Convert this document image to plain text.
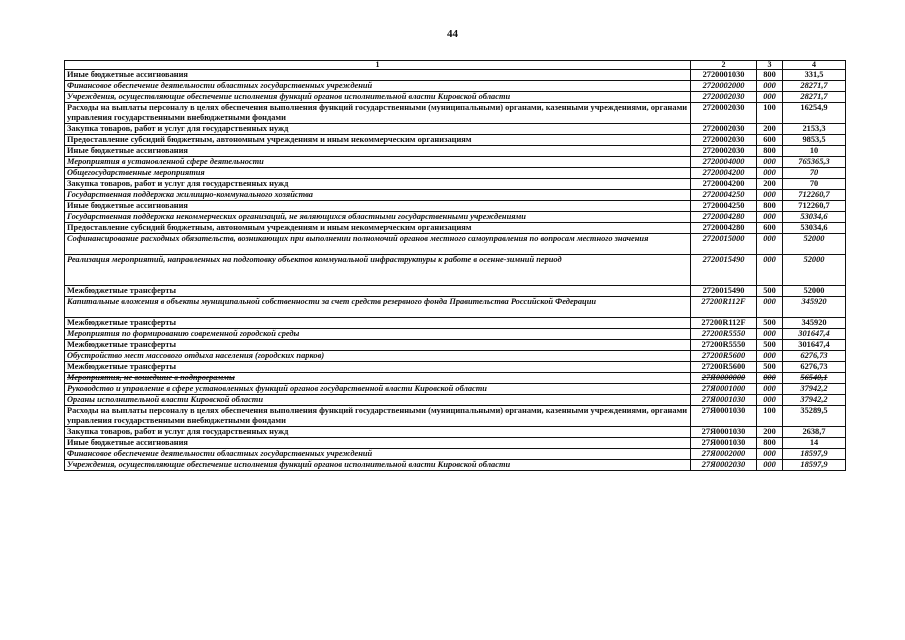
44
1	2	3	4
Иные бюджетные ассигнования	2720001030	800	331,5
Финансовое обеспечение деятельности областных государственных учреждений	2720002000	000	28271,7
Учреждения, осуществляющие обеспечение исполнения функций органов исполнительной власти Кировской области	2720002030	000	28271,7
Расходы на выплаты персоналу в целях обеспечения выполнения функций государственными (муниципальными) органами, казенными учреждениями, органами управления государственными внебюджетными фондами	2720002030	100	16254,9
Закупка товаров, работ и услуг для государственных нужд	2720002030	200	2153,3
Предоставление субсидий бюджетным, автономным учреждениям и иным некоммерческим организациям	2720002030	600	9853,5
Иные бюджетные ассигнования	2720002030	800	10
Мероприятия в установленной сфере деятельности	2720004000	000	765365,3
Общегосударственные мероприятия	2720004200	000	70
Закупка товаров, работ и услуг для государственных нужд	2720004200	200	70
Государственная поддержка жилищно-коммунального хозяйства	2720004250	000	712260,7
Иные бюджетные ассигнования	2720004250	800	712260,7
Государственная поддержка некоммерческих организаций, не являющихся областными государственными учреждениями	2720004280	000	53034,6
Предоставление субсидий бюджетным, автономным учреждениям и иным некоммерческим организациям	2720004280	600	53034,6
Софинансирование расходных обязательств, возникающих при выполнении полномочий органов местного самоуправления по вопросам местного значения	2720015000	000	52000
Реализация мероприятий, направленных на подготовку объектов коммунальной инфраструктуры к работе в осенне-зимний период	2720015490	000	52000
Межбюджетные трансферты	2720015490	500	52000
Капитальные вложения в объекты муниципальной собственности за счет средств резервного фонда Правительства Российской Федерации	27200R112F	000	345920
Межбюджетные трансферты	27200R112F	500	345920
Мероприятия по формированию современной городской среды	27200R5550	000	301647,4
Межбюджетные трансферты	27200R5550	500	301647,4
Обустройство мест массового отдыха населения (городских парков)	27200R5600	000	6276,73
Межбюджетные трансферты	27200R5600	500	6276,73
Мероприятия, не вошедшие в подпрограммы	27Я0000000	000	56540,1
Руководство и управление в сфере установленных функций органов государственной власти Кировской области	27Я0001000	000	37942,2
Органы исполнительной власти Кировской области	27Я0001030	000	37942,2
Расходы на выплаты персоналу в целях обеспечения выполнения функций государственными (муниципальными) органами, казенными учреждениями, органами управления государственными внебюджетными фондами	27Я0001030	100	35289,5
Закупка товаров, работ и услуг для государственных нужд	27Я0001030	200	2638,7
Иные бюджетные ассигнования	27Я0001030	800	14
Финансовое обеспечение деятельности областных государственных учреждений	27Я0002000	000	18597,9
Учреждения, осуществляющие обеспечение исполнения функций органов исполнительной власти Кировской области	27Я0002030	000	18597,9
